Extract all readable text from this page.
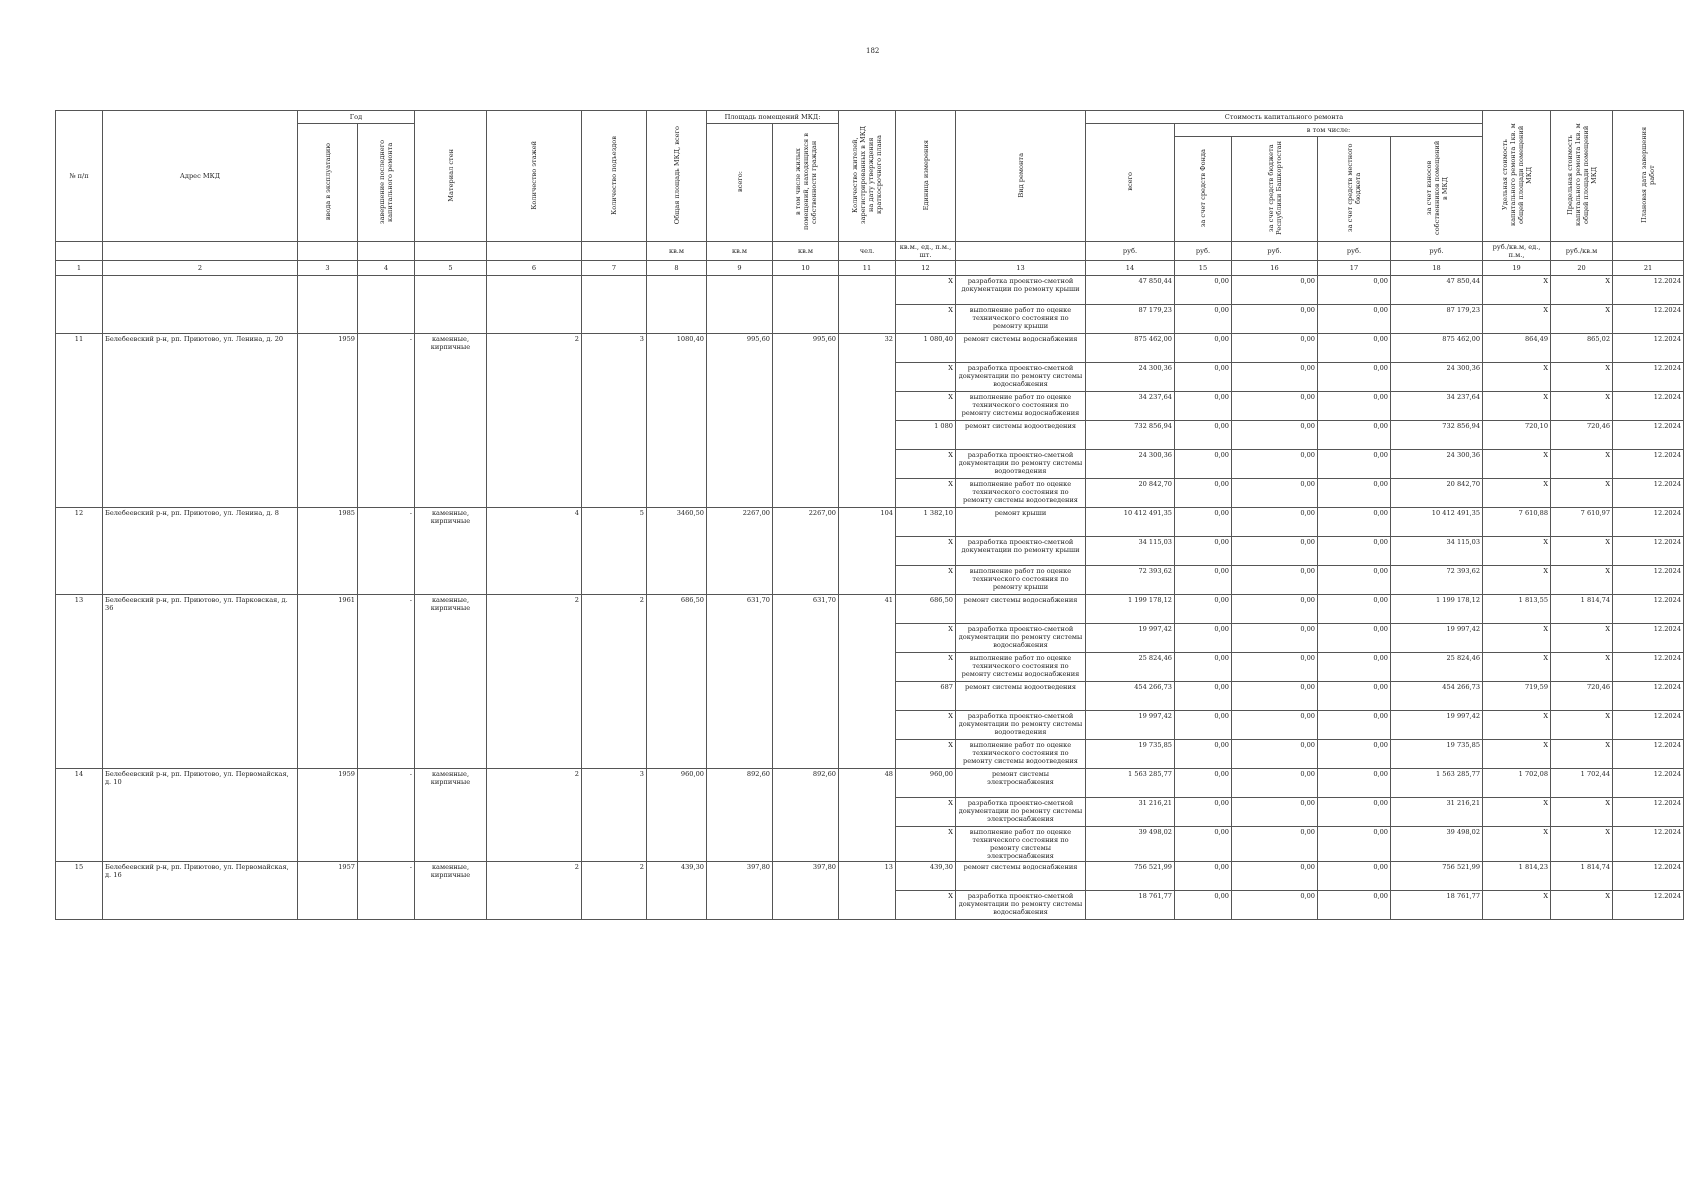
182
№ п/п	Адрес МКД	Год		Материал стен	Количество этажей	Количество подъездов	Общая площадь МКД, всего	Площадь помещений МКД:		Количество жителей, зарегистрированных в МКД на дату утверждения краткосрочного плана	Единица измерения	Вид ремонта	Стоимость капитального ремонта					Удельная стоимость капитального ремонта 1кв. м общей площади помещений МКД	Предельная стоимость капитального ремонта 1кв. м общей площади помещений МКД	Плановая дата завершения работ
		ввода в эксплуатацию	завершение последнего капитального ремонта					всего:	в том числе жилых помещений, находящихся в собственности граждан				всего	в том числе:						
														за счет средств Фонда	за счет средств бюджета Республики Башкортостан	за счет средств местного бюджета	за счет взносов собственников помещений в МКД			
							кв.м	кв.м	кв.м	чел.	кв.м., ед., п.м., шт.		руб.	руб.	руб.	руб.	руб.	руб./кв.м, ед., п.м.,	руб./кв.м	
1	2	3	4	5	6	7	8	9	10	11	12	13	14	15	16	17	18	19	20	21
											X	разработка проектно-сметной документации по ремонту крыши	47 850,44	0,00	0,00	0,00	47 850,44	X	X	12.2024
											X	выполнение работ по оценке технического состояния по ремонту крыши	87 179,23	0,00	0,00	0,00	87 179,23	X	X	12.2024
11	Белебеевский р-н, рп. Приютово, ул. Ленина, д. 20	1959	-	каменные, кирпичные	2	3	1080,40	995,60	995,60	32	1 080,40	ремонт системы водоснабжения	875 462,00	0,00	0,00	0,00	875 462,00	864,49	865,02	12.2024
											X	разработка проектно-сметной документации по ремонту системы водоснабжения	24 300,36	0,00	0,00	0,00	24 300,36	X	X	12.2024
											X	выполнение работ по оценке технического состояния по ремонту системы водоснабжения	34 237,64	0,00	0,00	0,00	34 237,64	X	X	12.2024
											1 080	ремонт системы водоотведения	732 856,94	0,00	0,00	0,00	732 856,94	720,10	720,46	12.2024
											X	разработка проектно-сметной документации по ремонту системы водоотведения	24 300,36	0,00	0,00	0,00	24 300,36	X	X	12.2024
											X	выполнение работ по оценке технического состояния по ремонту системы водоотведения	20 842,70	0,00	0,00	0,00	20 842,70	X	X	12.2024
12	Белебеевский р-н, рп. Приютово, ул. Ленина, д. 8	1985	-	каменные, кирпичные	4	5	3460,50	2267,00	2267,00	104	1 382,10	ремонт крыши	10 412 491,35	0,00	0,00	0,00	10 412 491,35	7 610,88	7 610,97	12.2024
											X	разработка проектно-сметной документации по ремонту крыши	34 115,03	0,00	0,00	0,00	34 115,03	X	X	12.2024
											X	выполнение работ по оценке технического состояния по ремонту крыши	72 393,62	0,00	0,00	0,00	72 393,62	X	X	12.2024
13	Белебеевский р-н, рп. Приютово, ул. Парковская, д. 36	1961	-	каменные, кирпичные	2	2	686,50	631,70	631,70	41	686,50	ремонт системы водоснабжения	1 199 178,12	0,00	0,00	0,00	1 199 178,12	1 813,55	1 814,74	12.2024
											X	разработка проектно-сметной документации по ремонту системы водоснабжения	19 997,42	0,00	0,00	0,00	19 997,42	X	X	12.2024
											X	выполнение работ по оценке технического состояния по ремонту системы водоснабжения	25 824,46	0,00	0,00	0,00	25 824,46	X	X	12.2024
											687	ремонт системы водоотведения	454 266,73	0,00	0,00	0,00	454 266,73	719,59	720,46	12.2024
											X	разработка проектно-сметной документации по ремонту системы водоотведения	19 997,42	0,00	0,00	0,00	19 997,42	X	X	12.2024
											X	выполнение работ по оценке технического состояния по ремонту системы водоотведения	19 735,85	0,00	0,00	0,00	19 735,85	X	X	12.2024
14	Белебеевский р-н, рп. Приютово, ул. Первомайская, д. 10	1959	-	каменные, кирпичные	2	3	960,00	892,60	892,60	48	960,00	ремонт системы электроснабжения	1 563 285,77	0,00	0,00	0,00	1 563 285,77	1 702,08	1 702,44	12.2024
											X	разработка проектно-сметной документации по ремонту системы электроснабжения	31 216,21	0,00	0,00	0,00	31 216,21	X	X	12.2024
											X	выполнение работ по оценке технического состояния по ремонту системы электроснабжения	39 498,02	0,00	0,00	0,00	39 498,02	X	X	12.2024
15	Белебеевский р-н, рп. Приютово, ул. Первомайская, д. 16	1957	-	каменные, кирпичные	2	2	439,30	397,80	397,80	13	439,30	ремонт системы водоснабжения	756 521,99	0,00	0,00	0,00	756 521,99	1 814,23	1 814,74	12.2024
											X	разработка проектно-сметной документации по ремонту системы водоснабжения	18 761,77	0,00	0,00	0,00	18 761,77	X	X	12.2024
